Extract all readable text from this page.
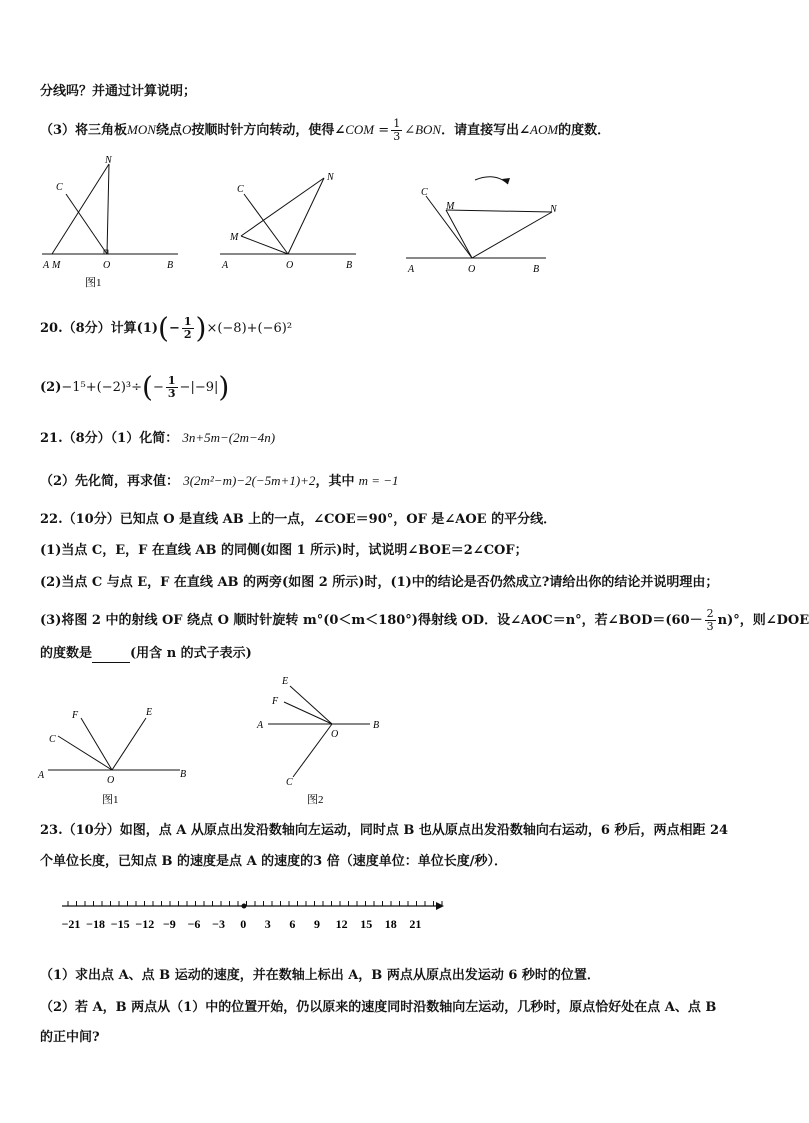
分线吗？并通过计算说明；
（3）将三角板MON绕点O按顺时针方向转动，使得∠COM = $\frac{1}{3}$ ∠BON．请直接写出∠AOM的度数．
A M	O	B
C
N
图1
A	O	B
C
M
N
A	O	B
C
M	N
20.（8分）计算$(1)(- \frac{1}{2} )\times(-8)+(-6)^2$
$(2)-1^5+(-2)^3\div(- \frac{1}{3} -|-9|)$
21.（8分）（1）化简： 3n+5m−(2m−4n)
（2）先化简，再求值： 3(2m²−m)−2(−5m+1)+2，其中 m = −1
22.（10分）已知点 O 是直线 AB 上的一点，∠COE＝90°，OF 是∠AOE 的平分线．
(1)当点 C，E，F 在直线 AB 的同侧(如图 1 所示)时，试说明∠BOE＝2∠COF；
(2)当点 C 与点 E，F 在直线 AB 的两旁(如图 2 所示)时，(1)中的结论是否仍然成立?请给出你的结论并说明理由；
(3)将图 2 中的射线 OF 绕点 O 顺时针旋转 m°(0＜m＜180°)得射线 OD．设∠AOC＝n°，若∠BOD＝(60－ $\frac{2}{3} n)^\circ$，则∠DOE
的度数是	(用含 n 的式子表示)
A	B
O
C
F	E
图1
A	B
O
E
F
C
图2
23.（10分）如图，点 A 从原点出发沿数轴向左运动，同时点 B 也从原点出发沿数轴向右运动，6 秒后，两点相距 24
个单位长度，已知点 B 的速度是点 A 的速度的3 倍（速度单位：单位长度/秒）．
−21 −18 −15 −12 −9 −6 −3 0 3 6 9 12 15 18 21
（1）求出点 A、点 B 运动的速度，并在数轴上标出 A，B 两点从原点出发运动 6 秒时的位置．
（2）若 A，B 两点从（1）中的位置开始，仍以原来的速度同时沿数轴向左运动，几秒时，原点恰好处在点 A、点 B
的正中间?
